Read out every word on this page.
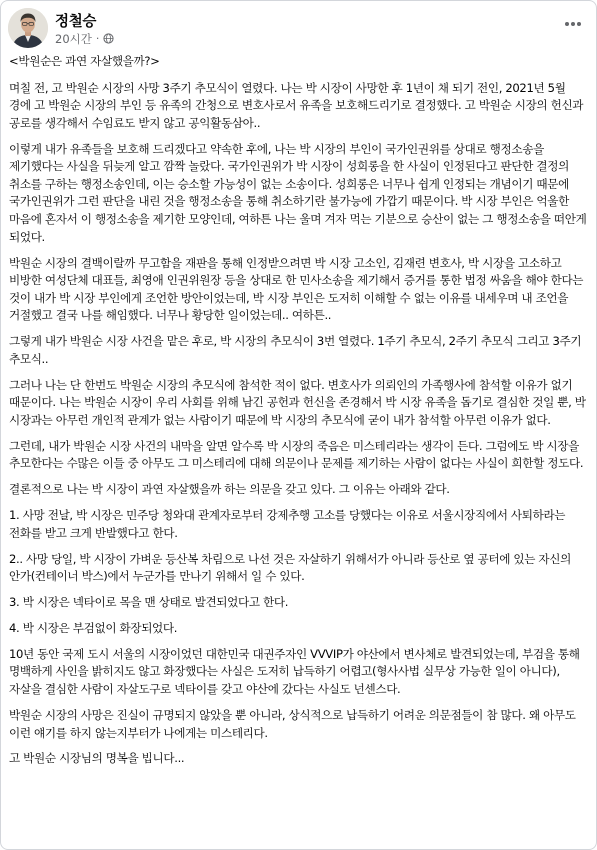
정철승
20시간 ·

<박원순은 과연 자살했을까?>

며칠 전, 고 박원순 시장의 사망 3주기 추모식이 열렸다. 나는 박 시장이 사망한 후 1년이 채 되기 전인, 2021년 5월 경에 고 박원순 시장의 부인 등 유족의 간청으로 변호사로서 유족을 보호해드리기로 결정했다. 고 박원순 시장의 헌신과 공로를 생각해서 수임료도 받지 않고 공익활동삼아..

이렇게 내가 유족들을 보호해 드리겠다고 약속한 후에, 나는 박 시장의 부인이 국가인권위를 상대로 행정소송을 제기했다는 사실을 뒤늦게 알고 깜짝 놀랐다. 국가인권위가 박 시장이 성희롱을 한 사실이 인정된다고 판단한 결정의 취소를 구하는 행정소송인데, 이는 승소할 가능성이 없는 소송이다. 성희롱은 너무나 쉽게 인정되는 개념이기 때문에 국가인권위가 그런 판단을 내린 것을 행정소송을 통해 취소하기란 불가능에 가깝기 때문이다. 박 시장 부인은 억울한 마음에 혼자서 이 행정소송을 제기한 모양인데, 여하튼 나는 울며 겨자 먹는 기분으로 승산이 없는 그 행정소송을 떠안게 되었다.

박원순 시장의 결백이랄까 무고함을 재판을 통해 인정받으려면 박 시장 고소인, 김재련 변호사, 박 시장을 고소하고 비방한 여성단체 대표들, 최영애 인권위원장 등을 상대로 한 민사소송을 제기해서 증거를 통한 법정 싸움을 해야 한다는 것이 내가 박 시장 부인에게 조언한 방안이었는데, 박 시장 부인은 도저히 이해할 수 없는 이유를 내세우며 내 조언을 거절했고 결국 나를 해임했다. 너무나 황당한 일이었는데.. 여하튼..

그렇게 내가 박원순 시장 사건을 맡은 후로, 박 시장의 추모식이 3번 열렸다. 1주기 추모식, 2주기 추모식 그리고 3주기 추모식..

그러나 나는 단 한번도 박원순 시장의 추모식에 참석한 적이 없다. 변호사가 의뢰인의 가족행사에 참석할 이유가 없기 때문이다. 나는 박원순 시장이 우리 사회를 위해 남긴 공헌과 헌신을 존경해서 박 시장 유족을 돕기로 결심한 것일 뿐, 박 시장과는 아무런 개인적 관계가 없는 사람이기 때문에 박 시장의 추모식에 굳이 내가 참석할 아무런 이유가 없다.

그런데, 내가 박원순 시장 사건의 내막을 알면 알수록 박 시장의 죽음은 미스테리라는 생각이 든다. 그럼에도 박 시장을 추모한다는 수많은 이들 중 아무도 그 미스테리에 대해 의문이나 문제를 제기하는 사람이 없다는 사실이 희한할 정도다.

결론적으로 나는 박 시장이 과연 자살했을까 하는 의문을 갖고 있다. 그 이유는 아래와 같다.

1. 사망 전날, 박 시장은 민주당 청와대 관계자로부터 강제추행 고소를 당했다는 이유로 서울시장직에서 사퇴하라는 전화를 받고 크게 반발했다고 한다.

2.. 사망 당일, 박 시장이 가벼운 등산복 차림으로 나선 것은 자살하기 위해서가 아니라 등산로 옆 공터에 있는 자신의 안가(컨테이너 박스)에서 누군가를 만나기 위해서 일 수 있다.

3. 박 시장은 넥타이로 목을 맨 상태로 발견되었다고 한다.

4. 박 시장은 부검없이 화장되었다.

10년 동안 국제 도시 서울의 시장이었던 대한민국 대권주자인 VVVIP가 야산에서 변사체로 발견되었는데, 부검을 통해 명백하게 사인을 밝히지도 않고 화장했다는 사실은 도저히 납득하기 어렵고(형사사법 실무상 가능한 일이 아니다), 자살을 결심한 사람이 자살도구로 넥타이를 갖고 야산에 갔다는 사실도 넌센스다.

박원순 시장의 사망은 진실이 규명되지 않았을 뿐 아니라, 상식적으로 납득하기 어려운 의문점들이 참 많다. 왜 아무도 이런 얘기를 하지 않는지부터가 나에게는 미스테리다.

고 박원순 시장님의 명복을 빕니다...
